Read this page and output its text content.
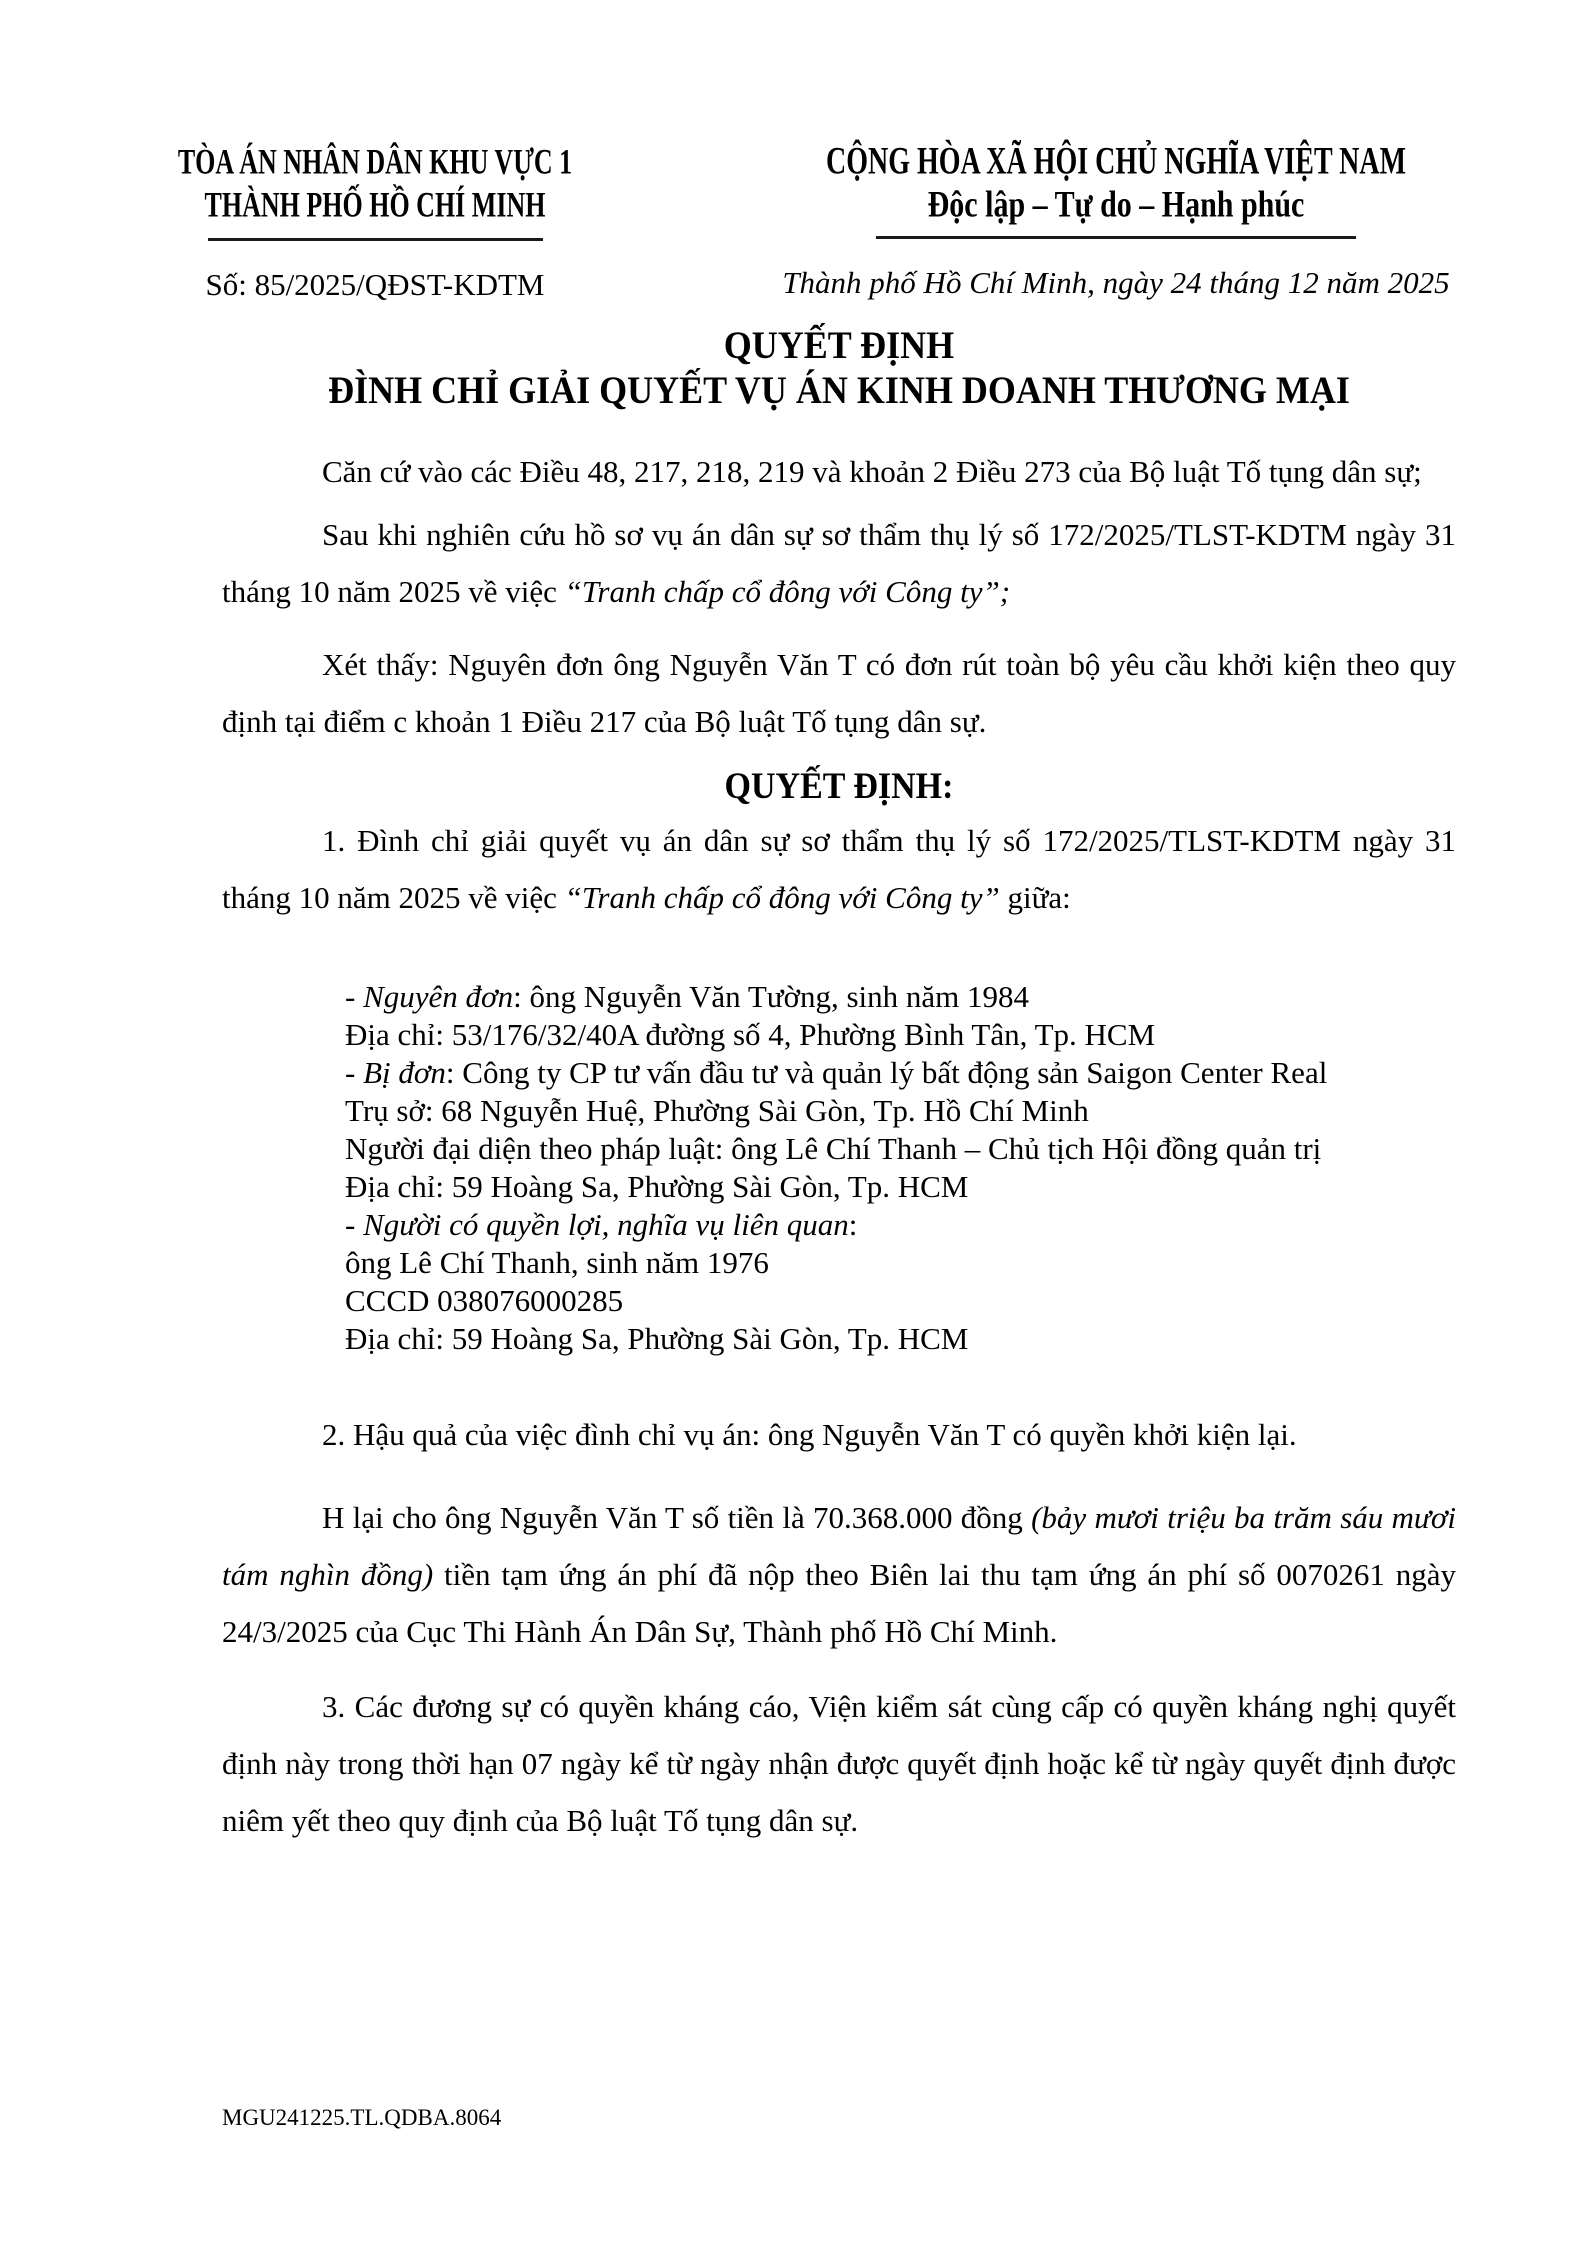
TÒA ÁN NHÂN DÂN KHU VỰC 1
THÀNH PHỐ HỒ CHÍ MINH
Số: 85/2025/QĐST-KDTM
CỘNG HÒA XÃ HỘI CHỦ NGHĨA VIỆT NAM
Độc lập – Tự do – Hạnh phúc
Thành phố Hồ Chí Minh, ngày 24 tháng 12 năm 2025
QUYẾT ĐỊNH
ĐÌNH CHỈ GIẢI QUYẾT VỤ ÁN KINH DOANH THƯƠNG MẠI

Căn cứ vào các Điều 48, 217, 218, 219 và khoản 2 Điều 273 của Bộ luật Tố tụng dân sự;

Sau khi nghiên cứu hồ sơ vụ án dân sự sơ thẩm thụ lý số 172/2025/TLST-KDTM ngày 31 tháng 10 năm 2025 về việc “Tranh chấp cổ đông với Công ty”;

Xét thấy: Nguyên đơn ông Nguyễn Văn T có đơn rút toàn bộ yêu cầu khởi kiện theo quy định tại điểm c khoản 1 Điều 217 của Bộ luật Tố tụng dân sự.

QUYẾT ĐỊNH:

1. Đình chỉ giải quyết vụ án dân sự sơ thẩm thụ lý số 172/2025/TLST-KDTM ngày 31 tháng 10 năm 2025 về việc “Tranh chấp cổ đông với Công ty” giữa:

- Nguyên đơn: ông Nguyễn Văn Tường, sinh năm 1984
Địa chỉ: 53/176/32/40A đường số 4, Phường Bình Tân, Tp. HCM
- Bị đơn: Công ty CP tư vấn đầu tư và quản lý bất động sản Saigon Center Real
Trụ sở: 68 Nguyễn Huệ, Phường Sài Gòn, Tp. Hồ Chí Minh
Người đại diện theo pháp luật: ông Lê Chí Thanh – Chủ tịch Hội đồng quản trị
Địa chỉ: 59 Hoàng Sa, Phường Sài Gòn, Tp. HCM
- Người có quyền lợi, nghĩa vụ liên quan:
ông Lê Chí Thanh, sinh năm 1976
CCCD 038076000285
Địa chỉ: 59 Hoàng Sa, Phường Sài Gòn, Tp. HCM

2. Hậu quả của việc đình chỉ vụ án: ông Nguyễn Văn T có quyền khởi kiện lại.

H lại cho ông Nguyễn Văn T số tiền là 70.368.000 đồng (bảy mươi triệu ba trăm sáu mươi tám nghìn đồng) tiền tạm ứng án phí đã nộp theo Biên lai thu tạm ứng án phí số 0070261 ngày 24/3/2025 của Cục Thi Hành Án Dân Sự, Thành phố Hồ Chí Minh.

3. Các đương sự có quyền kháng cáo, Viện kiểm sát cùng cấp có quyền kháng nghị quyết định này trong thời hạn 07 ngày kể từ ngày nhận được quyết định hoặc kể từ ngày quyết định được niêm yết theo quy định của Bộ luật Tố tụng dân sự.

MGU241225.TL.QDBA.8064
